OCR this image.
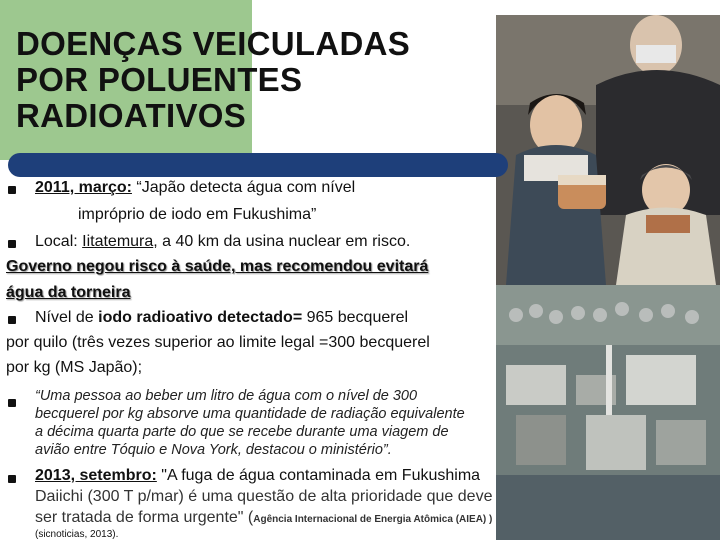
DOENÇAS VEICULADAS
POR POLUENTES
RADIOATIVOS
2011, março: “Japão detecta água com nível
impróprio de iodo em Fukushima”
Local: Iitatemura, a 40 km da usina nuclear em risco.
Governo negou risco à saúde, mas recomendou evitará
água da torneira
Nível de iodo radioativo detectado= 965 becquerel
por quilo (três vezes superior ao limite legal =300 becquerel
por kg (MS Japão);
“Uma pessoa ao beber um litro de água com o nível de 300
becquerel por kg absorve uma quantidade de radiação equivalente
a décima quarta parte do que se recebe durante uma viagem de
avião entre Tóquio e Nova York, destacou o ministério”.
2013, setembro: "A fuga de água contaminada em Fukushima
Daiichi (300 T p/mar) é uma questão de alta prioridade que deve
ser tratada de forma urgente" (Agência Internacional de Energia Atômica (AIEA) )
(sicnoticias, 2013).
